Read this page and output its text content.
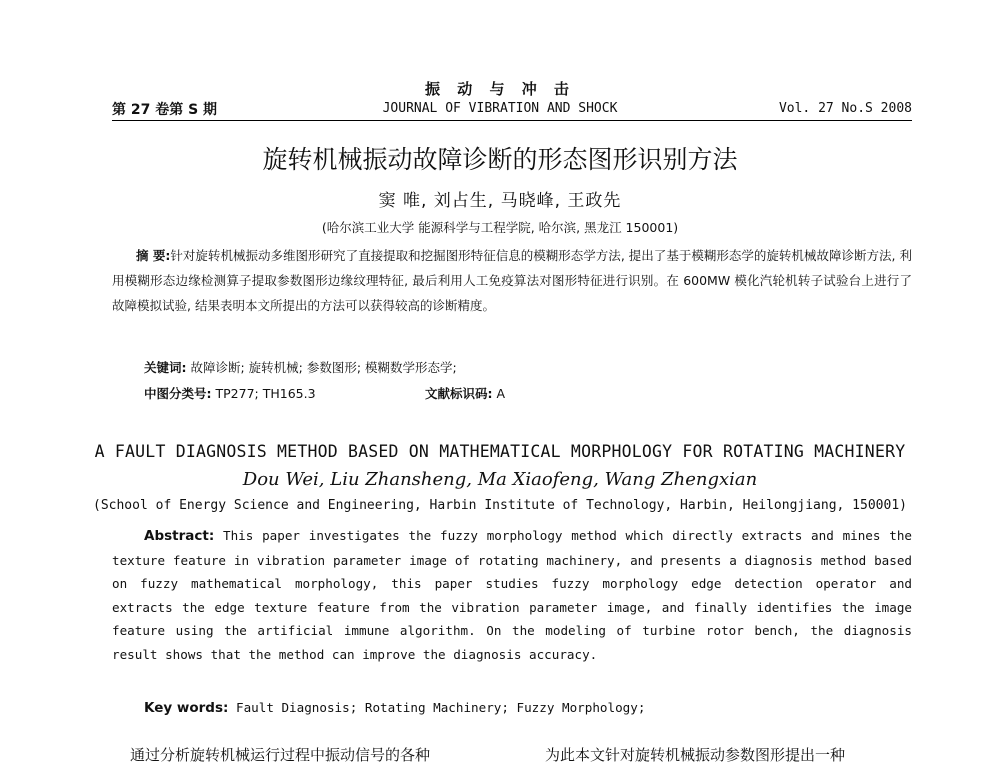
振 动 与 冲 击
第 27 卷第 S 期	JOURNAL OF VIBRATION AND SHOCK	Vol. 27 No.S 2008
旋转机械振动故障诊断的形态图形识别方法
窦 唯, 刘占生, 马晓峰, 王政先
(哈尔滨工业大学 能源科学与工程学院, 哈尔滨, 黑龙江 150001)
摘 要:针对旋转机械振动多维图形研究了直接提取和挖掘图形特征信息的模糊形态学方法, 提出了基于模糊形态学的旋转机械故障诊断方法, 利用模糊形态边缘检测算子提取参数图形边缘纹理特征, 最后利用人工免疫算法对图形特征进行识别。在 600MW 模化汽轮机转子试验台上进行了故障模拟试验, 结果表明本文所提出的方法可以获得较高的诊断精度。
关键词: 故障诊断; 旋转机械; 参数图形; 模糊数学形态学;
中图分类号: TP277; TH165.3	文献标识码: A
A FAULT DIAGNOSIS METHOD BASED ON MATHEMATICAL MORPHOLOGY FOR ROTATING MACHINERY
Dou Wei, Liu Zhansheng, Ma Xiaofeng, Wang Zhengxian
(School of Energy Science and Engineering, Harbin Institute of Technology, Harbin, Heilongjiang, 150001)
Abstract: This paper investigates the fuzzy morphology method which directly extracts and mines the texture feature in vibration parameter image of rotating machinery, and presents a diagnosis method based on fuzzy mathematical morphology, this paper studies fuzzy morphology edge detection operator and extracts the edge texture feature from the vibration parameter image, and finally identifies the image feature using the artificial immune algorithm. On the modeling of turbine rotor bench, the diagnosis result shows that the method can improve the diagnosis accuracy.
Key words: Fault Diagnosis; Rotating Machinery; Fuzzy Morphology;
通过分析旋转机械运行过程中振动信号的各种	为此本文针对旋转机械振动参数图形提出一种
